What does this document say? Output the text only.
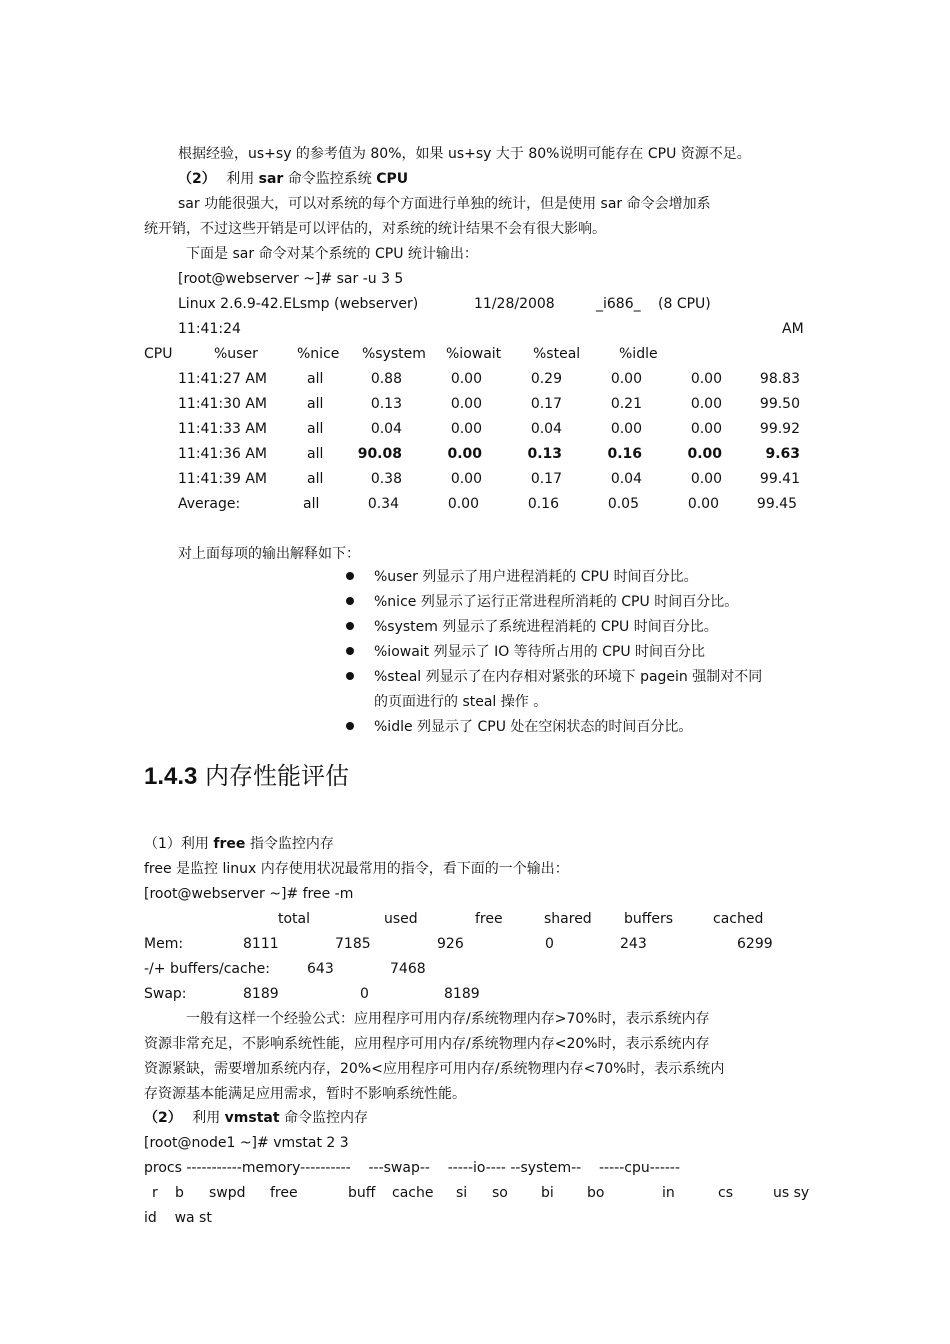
根据经验，us+sy 的参考值为 80%，如果 us+sy 大于 80%说明可能存在 CPU 资源不足。
（2） 利用 sar 命令监控系统 CPU
sar 功能很强大，可以对系统的每个方面进行单独的统计，但是使用 sar 命令会增加系
统开销，不过这些开销是可以评估的，对系统的统计结果不会有很大影响。
下面是 sar 命令对某个系统的 CPU 统计输出：
[root@webserver ~]# sar -u 3 5
Linux 2.6.9-42.ELsmp (webserver)	11/28/2008	_i686_ (8 CPU)
11:41:24	AM
CPU	%user	%nice %system %iowait %steal	%idle
11:41:27 AM	all	0.88	0.00	0.29	0.00	0.00	98.83
11:41:30 AM	all	0.13	0.00	0.17	0.21	0.00	99.50
11:41:33 AM	all	0.04	0.00	0.04	0.00	0.00	99.92
11:41:36 AM	all 90.08	0.00	0.13	0.16	0.00	9.63
11:41:39 AM	all	0.38	0.00	0.17	0.04	0.00	99.41
Average:	all	0.34	0.00	0.16	0.05	0.00	99.45
对上面每项的输出解释如下：
%user 列显示了用户进程消耗的 CPU 时间百分比。
%nice 列显示了运行正常进程所消耗的 CPU 时间百分比。
%system 列显示了系统进程消耗的 CPU 时间百分比。
%iowait 列显示了 IO 等待所占用的 CPU 时间百分比
%steal 列显示了在内存相对紧张的环境下 pagein 强制对不同
的页面进行的 steal 操作 。
%idle 列显示了 CPU 处在空闲状态的时间百分比。
1.4.3 内存性能评估
（1）利用 free 指令监控内存
free 是监控 linux 内存使用状况最常用的指令，看下面的一个输出：
[root@webserver ~]# free -m
total	used	free	shared buffers	cached
Mem:	8111	7185	926	0	243	6299
-/+ buffers/cache:	643	7468
Swap:	8189	0	8189
一般有这样一个经验公式：应用程序可用内存/系统物理内存>70%时，表示系统内存
资源非常充足，不影响系统性能，应用程序可用内存/系统物理内存<20%时，表示系统内存
资源紧缺，需要增加系统内存，20%<应用程序可用内存/系统物理内存<70%时，表示系统内
存资源基本能满足应用需求，暂时不影响系统性能。
（2） 利用 vmstat 命令监控内存
[root@node1 ~]# vmstat 2 3
procs -----------memory----------    ---swap--    -----io---- --system--    -----cpu------
r b swpd free	buff cache si so bi bo	in	cs	us sy
id    wa st
